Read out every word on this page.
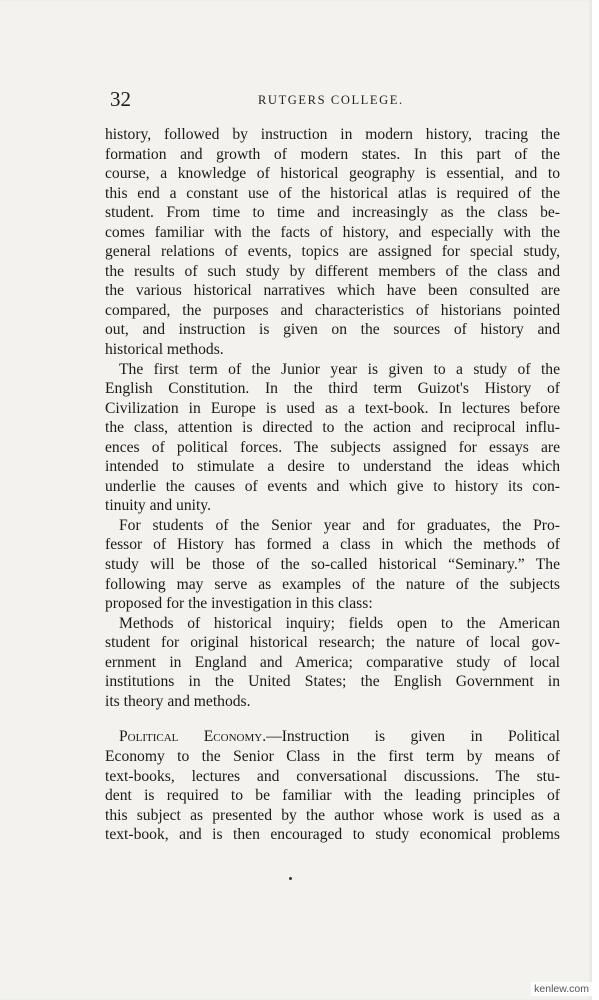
32	RUTGERS COLLEGE.
history, followed by instruction in modern history, tracing the
formation and growth of modern states. In this part of the
course, a knowledge of historical geography is essential, and to
this end a constant use of the historical atlas is required of the
student. From time to time and increasingly as the class be-
comes familiar with the facts of history, and especially with the
general relations of events, topics are assigned for special study,
the results of such study by different members of the class and
the various historical narratives which have been consulted are
compared, the purposes and characteristics of historians pointed
out, and instruction is given on the sources of history and
historical methods.
The first term of the Junior year is given to a study of the
English Constitution. In the third term Guizot's History of
Civilization in Europe is used as a text-book. In lectures before
the class, attention is directed to the action and reciprocal influ-
ences of political forces. The subjects assigned for essays are
intended to stimulate a desire to understand the ideas which
underlie the causes of events and which give to history its con-
tinuity and unity.
For students of the Senior year and for graduates, the Pro-
fessor of History has formed a class in which the methods of
study will be those of the so-called historical “Seminary.” The
following may serve as examples of the nature of the subjects
proposed for the investigation in this class:
Methods of historical inquiry; fields open to the American
student for original historical research; the nature of local gov-
ernment in England and America; comparative study of local
institutions in the United States; the English Government in
its theory and methods.
Political Economy.—Instruction is given in Political
Economy to the Senior Class in the first term by means of
text-books, lectures and conversational discussions. The stu-
dent is required to be familiar with the leading principles of
this subject as presented by the author whose work is used as a
text-book, and is then encouraged to study economical problems
kenlew.com
